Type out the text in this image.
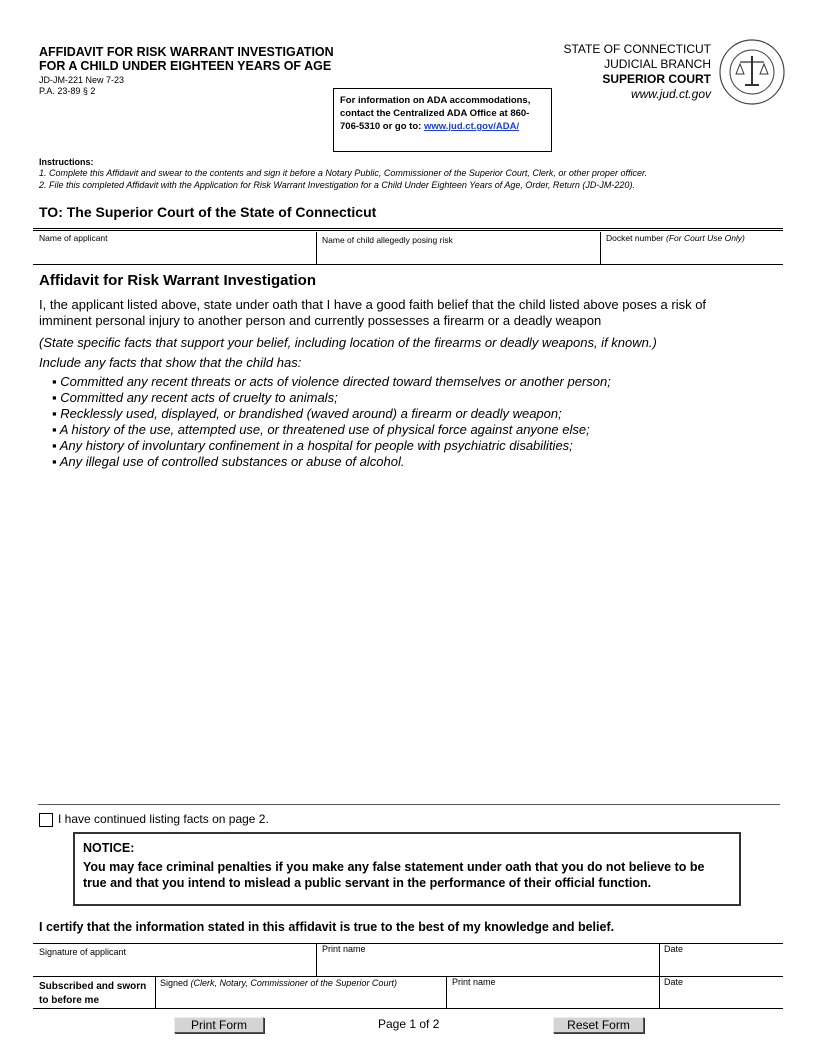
AFFIDAVIT FOR RISK WARRANT INVESTIGATION
FOR A CHILD UNDER EIGHTEEN YEARS OF AGE
JD-JM-221 New 7-23
P.A. 23-89 § 2
For information on ADA accommodations, contact the Centralized ADA Office at 860-706-5310 or go to: www.jud.ct.gov/ADA/
STATE OF CONNECTICUT
JUDICIAL BRANCH
SUPERIOR COURT
www.jud.ct.gov
Instructions:
1. Complete this Affidavit and swear to the contents and sign it before a Notary Public, Commissioner of the Superior Court, Clerk, or other proper officer.
2. File this completed Affidavit with the Application for Risk Warrant Investigation for a Child Under Eighteen Years of Age, Order, Return (JD-JM-220).
TO: The Superior Court of the State of Connecticut
Name of applicant	Name of child allegedly posing risk	Docket number (For Court Use Only)
Affidavit for Risk Warrant Investigation
I, the applicant listed above, state under oath that I have a good faith belief that the child listed above poses a risk of
imminent personal injury to another person and currently possesses a firearm or a deadly weapon
(State specific facts that support your belief, including location of the firearms or deadly weapons, if known.)
Include any facts that show that the child has:
▪ Committed any recent threats or acts of violence directed toward themselves or another person;
▪ Committed any recent acts of cruelty to animals;
▪ Recklessly used, displayed, or brandished (waved around) a firearm or deadly weapon;
▪ A history of the use, attempted use, or threatened use of physical force against anyone else;
▪ Any history of involuntary confinement in a hospital for people with psychiatric disabilities;
▪ Any illegal use of controlled substances or abuse of alcohol.
I have continued listing facts on page 2.
NOTICE:
You may face criminal penalties if you make any false statement under oath that you do not believe to be true and that you intend to mislead a public servant in the performance of their official function.
I certify that the information stated in this affidavit is true to the best of my knowledge and belief.
Signature of applicant	Print name	Date
Subscribed and sworn to before me
Signed (Clerk, Notary, Commissioner of the Superior Court)	Print name	Date
Print Form	Page 1 of 2	Reset Form
